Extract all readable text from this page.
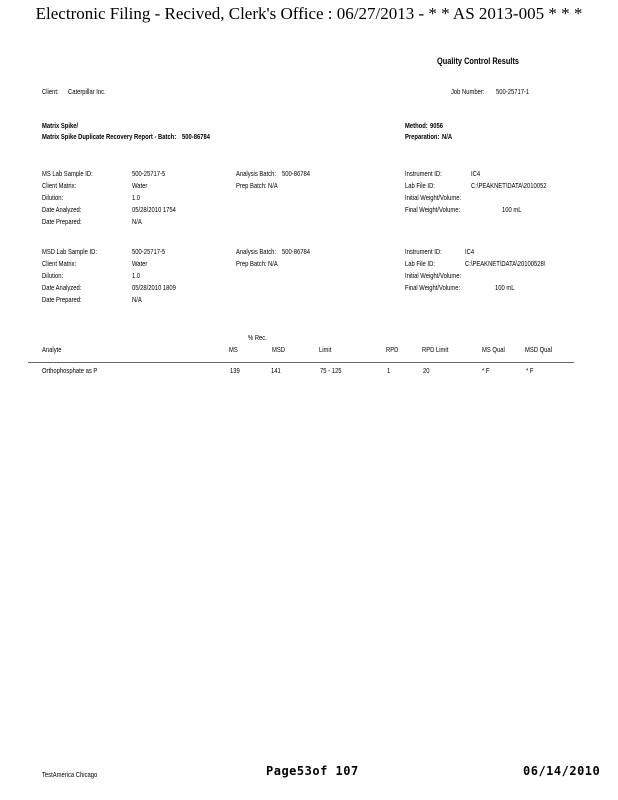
Electronic Filing - Recived, Clerk's Office : 06/27/2013 - * * AS 2013-005 * * *
Quality Control Results
Client: Caterpillar Inc.	Job Number: 500-25717-1
Matrix Spike/
Matrix Spike Duplicate Recovery Report - Batch: 500-86784
Method: 9056
Preparation: N/A
MS Lab Sample ID:	500-25717-5
Client Matrix:	Water
Dilution:	1.0
Date Analyzed:	05/28/2010 1754
Date Prepared:	N/A
Analysis Batch: 500-86784
Prep Batch: N/A
Instrument ID:	IC4
Lab File ID:	C:\PEAKNET\DATA\2010052
Initial Weight/Volume:
Final Weight/Volume:	100 mL
MSD Lab Sample ID:	500-25717-5
Client Matrix:	Water
Dilution:	1.0
Date Analyzed:	05/28/2010 1809
Date Prepared:	N/A
Analysis Batch: 500-86784
Prep Batch: N/A
Instrument ID:	IC4
Lab File ID:	C:\PEAKNET\DATA\20100528\
Initial Weight/Volume:
Final Weight/Volume:	100 mL
% Rec.
Analyte	MS	MSD	Limit	RPD	RPD Limit	MS Qual	MSD Qual
Orthophosphate as P	139	141	75 - 125	1	20	* F	* F
TestAmerica Chicago	Page53of 107	06/14/2010
